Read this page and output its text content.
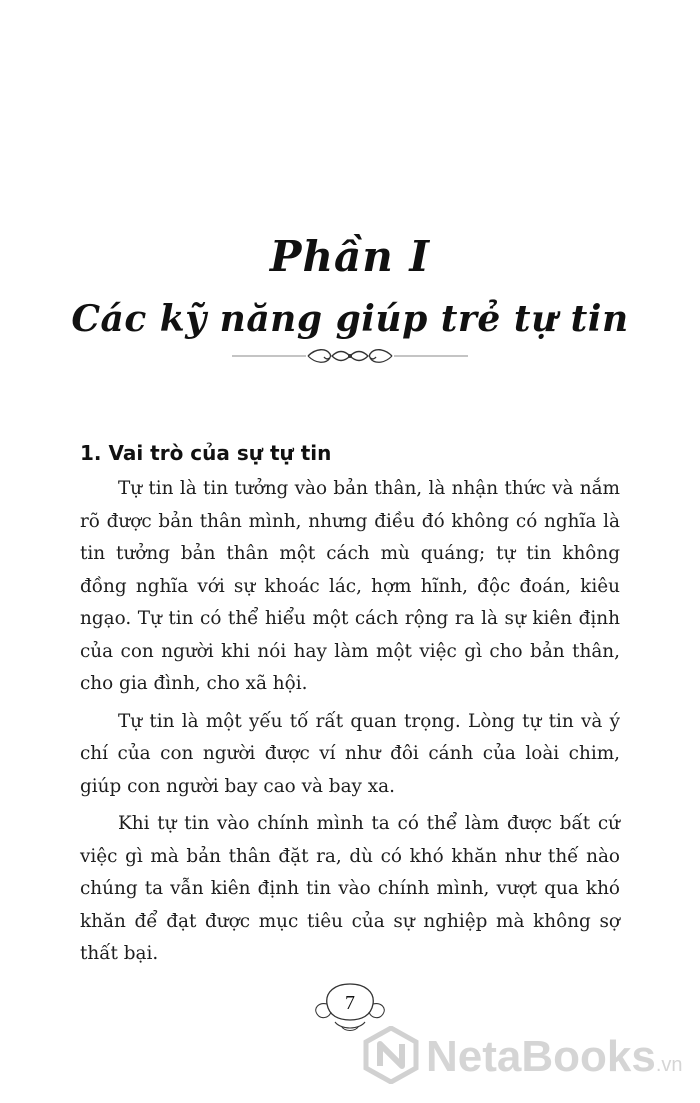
Phần I
Các kỹ năng giúp trẻ tự tin
1. Vai trò của sự tự tin

Tự tin là tin tưởng vào bản thân, là nhận thức và nắm rõ được bản thân mình, nhưng điều đó không có nghĩa là tin tưởng bản thân một cách mù quáng; tự tin không đồng nghĩa với sự khoác lác, hợm hĩnh, độc đoán, kiêu ngạo. Tự tin có thể hiểu một cách rộng ra là sự kiên định của con người khi nói hay làm một việc gì cho bản thân, cho gia đình, cho xã hội.

Tự tin là một yếu tố rất quan trọng. Lòng tự tin và ý chí của con người được ví như đôi cánh của loài chim, giúp con người bay cao và bay xa.

Khi tự tin vào chính mình ta có thể làm được bất cứ việc gì mà bản thân đặt ra, dù có khó khăn như thế nào chúng ta vẫn kiên định tin vào chính mình, vượt qua khó khăn để đạt được mục tiêu của sự nghiệp mà không sợ thất bại.

7
NetaBooks.vn
